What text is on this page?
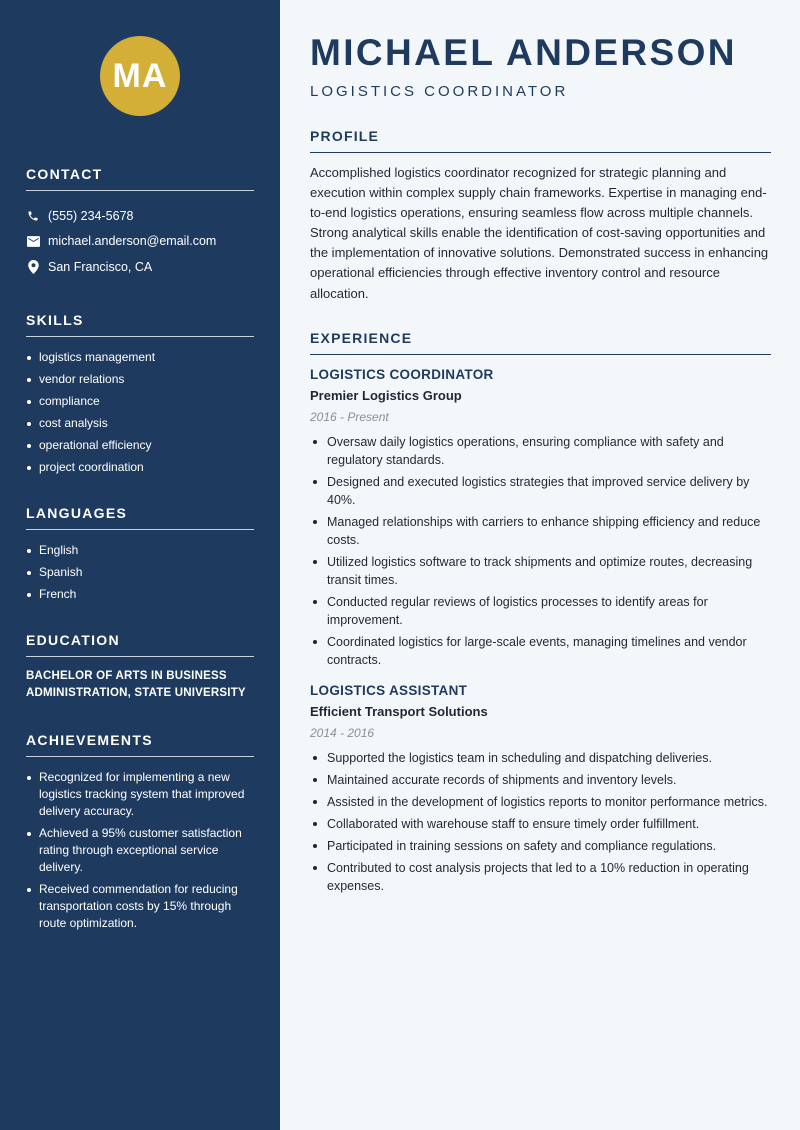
MA
CONTACT
(555) 234-5678
michael.anderson@email.com
San Francisco, CA
SKILLS
logistics management
vendor relations
compliance
cost analysis
operational efficiency
project coordination
LANGUAGES
English
Spanish
French
EDUCATION

BACHELOR OF ARTS IN BUSINESS ADMINISTRATION, STATE UNIVERSITY

ACHIEVEMENTS
Recognized for implementing a new logistics tracking system that improved delivery accuracy.
Achieved a 95% customer satisfaction rating through exceptional service delivery.
Received commendation for reducing transportation costs by 15% through route optimization.
MICHAEL ANDERSON
LOGISTICS COORDINATOR
PROFILE

Accomplished logistics coordinator recognized for strategic planning and execution within complex supply chain frameworks. Expertise in managing end-to-end logistics operations, ensuring seamless flow across multiple channels. Strong analytical skills enable the identification of cost-saving opportunities and the implementation of innovative solutions. Demonstrated success in enhancing operational efficiencies through effective inventory control and resource allocation.

EXPERIENCE
LOGISTICS COORDINATOR
Premier Logistics Group
2016 - Present
Oversaw daily logistics operations, ensuring compliance with safety and regulatory standards.
Designed and executed logistics strategies that improved service delivery by 40%.
Managed relationships with carriers to enhance shipping efficiency and reduce costs.
Utilized logistics software to track shipments and optimize routes, decreasing transit times.
Conducted regular reviews of logistics processes to identify areas for improvement.
Coordinated logistics for large-scale events, managing timelines and vendor contracts.
LOGISTICS ASSISTANT
Efficient Transport Solutions
2014 - 2016
Supported the logistics team in scheduling and dispatching deliveries.
Maintained accurate records of shipments and inventory levels.
Assisted in the development of logistics reports to monitor performance metrics.
Collaborated with warehouse staff to ensure timely order fulfillment.
Participated in training sessions on safety and compliance regulations.
Contributed to cost analysis projects that led to a 10% reduction in operating expenses.
